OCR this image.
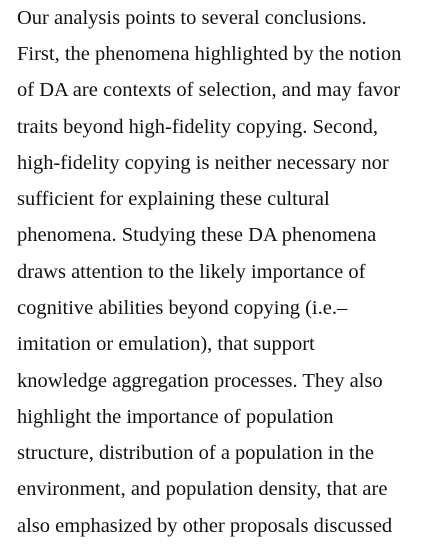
Our analysis points to several conclusions.
First, the phenomena highlighted by the notion
of DA are contexts of selection, and may favor
traits beyond high-fidelity copying. Second,
high-fidelity copying is neither necessary nor
sufficient for explaining these cultural
phenomena. Studying these DA phenomena
draws attention to the likely importance of
cognitive abilities beyond copying (i.e.–
imitation or emulation), that support
knowledge aggregation processes. They also
highlight the importance of population
structure, distribution of a population in the
environment, and population density, that are
also emphasized by other proposals discussed
